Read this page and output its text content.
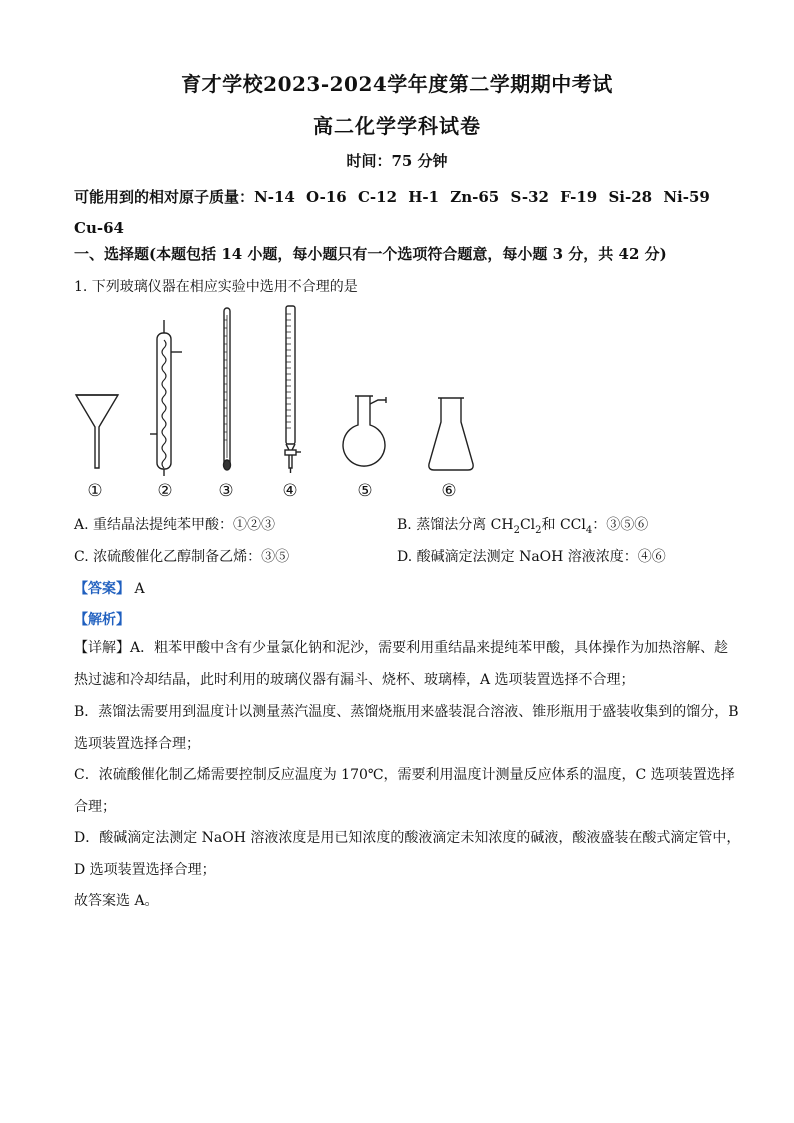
育才学校2023-2024学年度第二学期期中考试
高二化学学科试卷
时间：75 分钟
可能用到的相对原子质量：N-14 O-16 C-12 H-1 Zn-65 S-32 F-19 Si-28 Ni-59 Cu-64
一、选择题(本题包括 14 小题，每小题只有一个选项符合题意，每小题 3 分，共 42 分)
1. 下列玻璃仪器在相应实验中选用不合理的是
①	②	③	④	⑤	⑥
A. 重结晶法提纯苯甲酸：①②③	B. 蒸馏法分离 $CH_2Cl_2$和 CCl$_4$：③⑤⑥
C. 浓硫酸催化乙醇制备乙烯：③⑤	D. 酸碱滴定法测定 NaOH 溶液浓度：④⑥
【答案】 A
【解析】
【详解】A．粗苯甲酸中含有少量氯化钠和泥沙，需要利用重结晶来提纯苯甲酸，具体操作为加热溶解、趁热过滤和冷却结晶，此时利用的玻璃仪器有漏斗、烧杯、玻璃棒，A 选项装置选择不合理；
B．蒸馏法需要用到温度计以测量蒸汽温度、蒸馏烧瓶用来盛装混合溶液、锥形瓶用于盛装收集到的馏分，B 选项装置选择合理；
C．浓硫酸催化制乙烯需要控制反应温度为 170℃，需要利用温度计测量反应体系的温度，C 选项装置选择合理；
D．酸碱滴定法测定 NaOH 溶液浓度是用已知浓度的酸液滴定未知浓度的碱液，酸液盛装在酸式滴定管中，D 选项装置选择合理；
故答案选 A。
